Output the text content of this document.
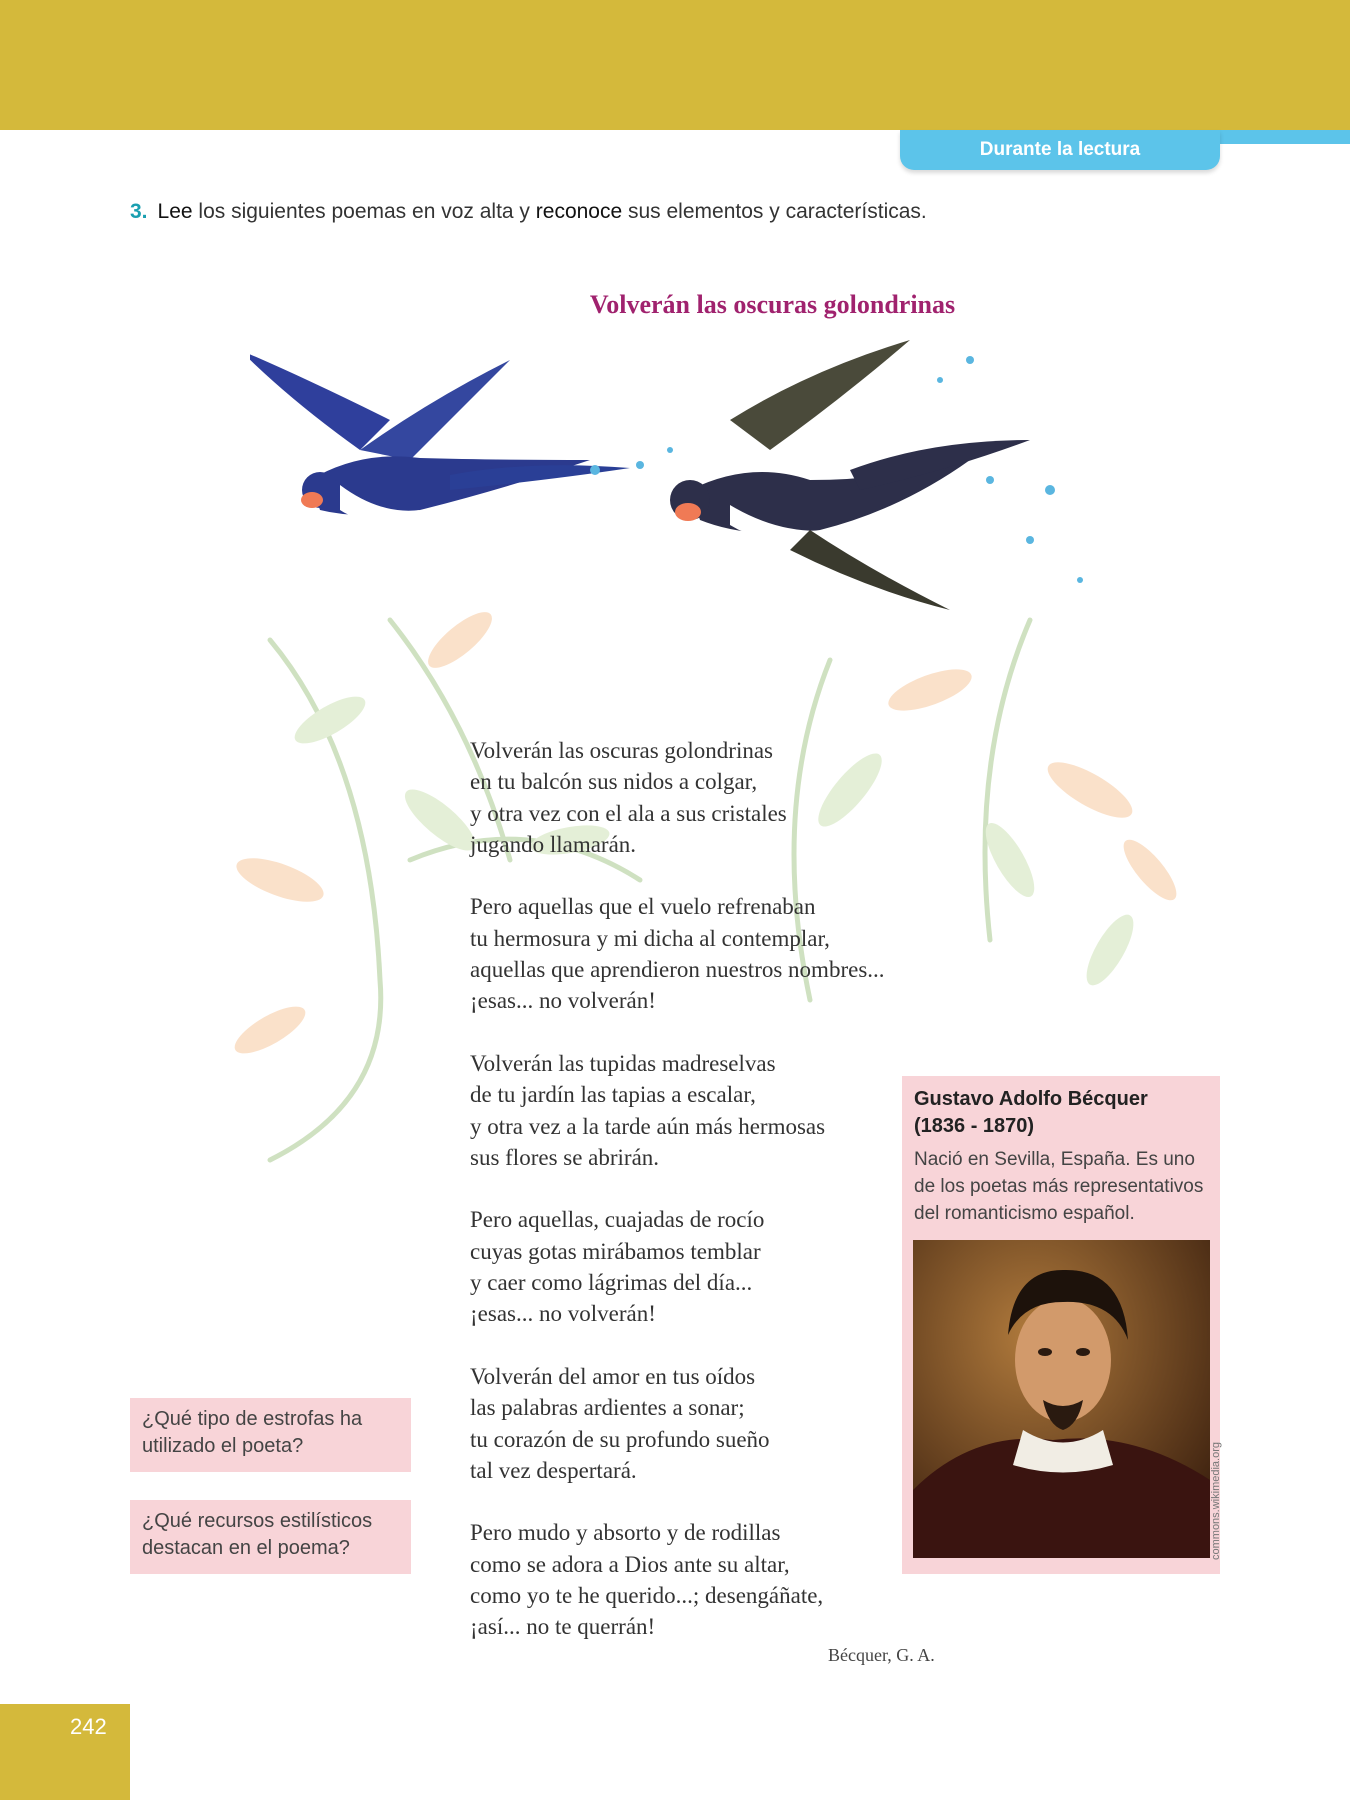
Durante la lectura
3. Lee los siguientes poemas en voz alta y reconoce sus elementos y características.
Volverán las oscuras golondrinas
Volverán las oscuras golondrinas
en tu balcón sus nidos a colgar,
y otra vez con el ala a sus cristales
jugando llamarán.
Pero aquellas que el vuelo refrenaban
tu hermosura y mi dicha al contemplar,
aquellas que aprendieron nuestros nombres...
¡esas... no volverán!
Volverán las tupidas madreselvas
de tu jardín las tapias a escalar,
y otra vez a la tarde aún más hermosas
sus flores se abrirán.
Pero aquellas, cuajadas de rocío
cuyas gotas mirábamos temblar
y caer como lágrimas del día...
¡esas... no volverán!
Volverán del amor en tus oídos
las palabras ardientes a sonar;
tu corazón de su profundo sueño
tal vez despertará.
Pero mudo y absorto y de rodillas
como se adora a Dios ante su altar,
como yo te he querido...; desengáñate,
¡así... no te querrán!
Bécquer, G. A.
Gustavo Adolfo Bécquer
(1836 - 1870)
Nació en Sevilla, España. Es uno de los poetas más representativos del romanticismo español.
commons.wikimedia.org
¿Qué tipo de estrofas ha utilizado el poeta?
¿Qué recursos estilísticos destacan en el poema?
242
